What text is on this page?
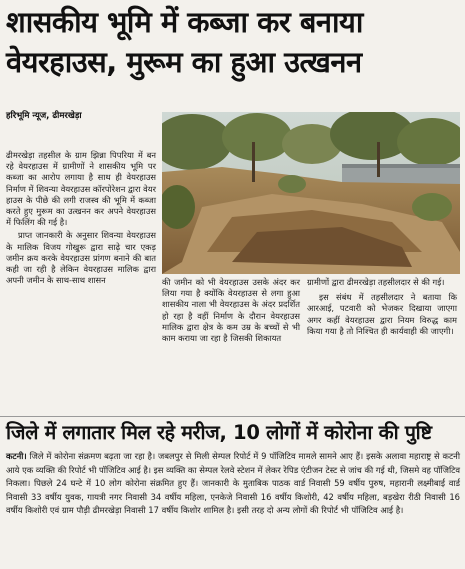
शासकीय भूमि में कब्जा कर बनाया
वेयरहाउस, मुरूम का हुआ उत्खनन
हरिभूमि न्यूज, ढीमरखेड़ा

ढीमरखेड़ा तहसील के ग्राम झिन्ना पिपरिया में बन रहे वेयरहाउस में ग्रामीणों ने शासकीय भूमि पर कब्जा का आरोप लगाया है साथ ही वेयरहाउस निर्माण में शिवन्या वेयरहाउस कॉरपोरेशन द्वारा वेयर हाउस के पीछे की लगी राजस्व की भूमि में कब्जा करते हुए मुरूम का उत्खनन कर अपने वेयरहाउस में फिलिंग की गई है।

प्राप्त जानकारी के अनुसार शिवन्या वेयरहाउस के मालिक विजय गोखुरू द्वारा साढ़े चार एकड़ जमीन क्रय करके वेयरहाउस प्रांगण बनाने की बात कही जा रही है लेकिन वेयरहाउस मालिक द्वारा अपनी जमीन के साथ-साथ शासन	की जमीन को भी वेयरहाउस उसके अंदर कर लिया गया है क्योंकि वेयरहाउस से लगा हुआ शासकीय नाला भी वेयरहाउस के अंदर प्रदर्शित हो रहा है वहीं निर्माण के दौरान वेयरहाउस मालिक द्वारा क्षेत्र के कम उम्र के बच्चों से भी काम कराया जा रहा है जिसकी शिकायत

ग्रामीणों द्वारा ढीमरखेड़ा तहसीलदार से की गई।

इस संबंध में तहसीलदार ने बताया कि आरआई, पटवारी को भेजकर दिखाया जाएगा अगर कहीं वेयरहाउस द्वारा नियम विरुद्ध काम किया गया है तो निश्चित ही कार्यवाही की जाएगी।

जिले में लगातार मिल रहे मरीज, 10 लोगों में कोरोना की पुष्टि
कटनी। जिले में कोरोना संक्रमण बढ़ता जा रहा है। जबलपुर से मिली सेम्पल रिपोर्ट में 9 पॉजिटिव मामले सामने आए हैं। इसके अलावा महाराष्ट्र से कटनी आये एक व्यक्ति की रिपोर्ट भी पॉजिटिव आई है। इस व्यक्ति का सेम्पल रेलवे स्टेशन में लेकर रेपिड एंटीजन टेस्ट से जांच की गई थी, जिसमे वह पॉजिटिव निकला। पिछले 24 घन्टे में 10 लोग कोरोना संक्रमित हुए हैं। जानकारी के मुताबिक पाठक वार्ड निवासी 59 वर्षीय पुरुष, महारानी लक्ष्मीबाई वार्ड निवासी 33 वर्षीय युवक, गायत्री नगर निवासी 34 वर्षीय महिला, एनकेजे निवासी 16 वर्षीय किशोरी, 42 वर्षीय महिला, बड़खेरा रीठी निवासी 16 वर्षीय किशोरी एवं ग्राम पौड़ी ढीमरखेड़ा निवासी 17 वर्षीय किशोर शामिल है। इसी तरह दो अन्य लोगों की रिपोर्ट भी पॉजिटिव आई है।
